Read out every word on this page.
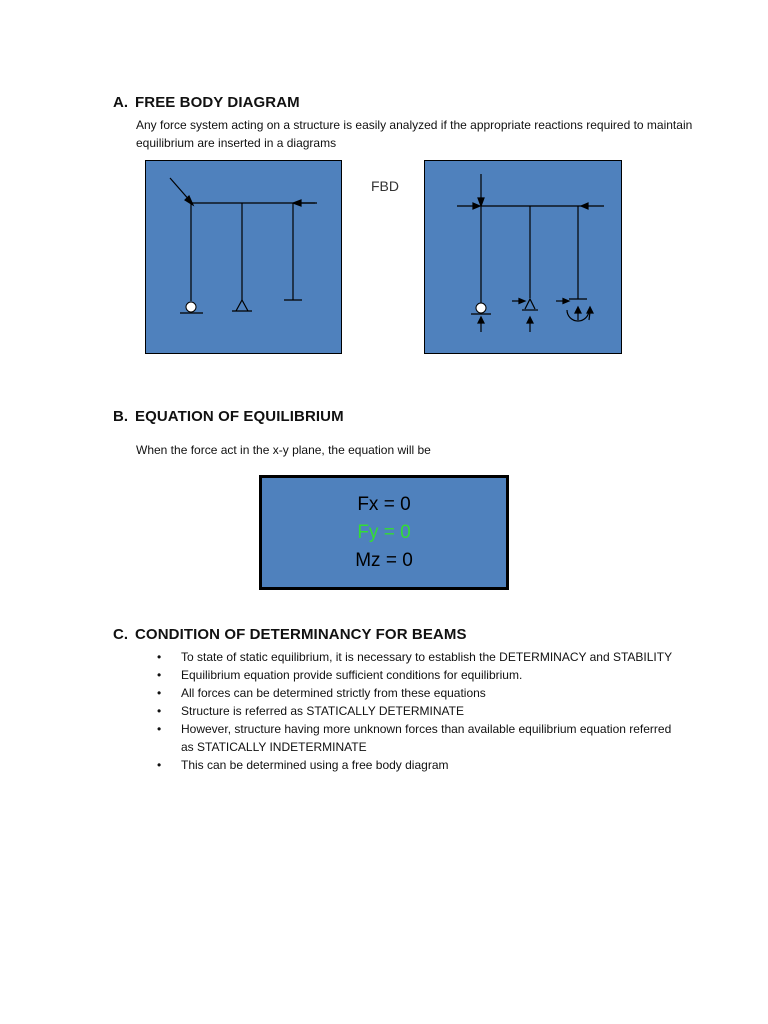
A. FREE BODY DIAGRAM
Any force system acting on a structure is easily analyzed if the appropriate reactions required to maintain equilibrium are inserted in a diagrams
FBD
B. EQUATION OF EQUILIBRIUM
When the force act in the x-y plane, the equation will be
Fx = 0
Fy = 0
Mz = 0
C. CONDITION OF DETERMINANCY FOR BEAMS
• To state of static equilibrium, it is necessary to establish the DETERMINACY and STABILITY
• Equilibrium equation provide sufficient conditions for equilibrium.
• All forces can be determined strictly from these equations
• Structure is referred as STATICALLY DETERMINATE
• However, structure having more unknown forces than available equilibrium equation referred as STATICALLY INDETERMINATE
• This can be determined using a free body diagram
